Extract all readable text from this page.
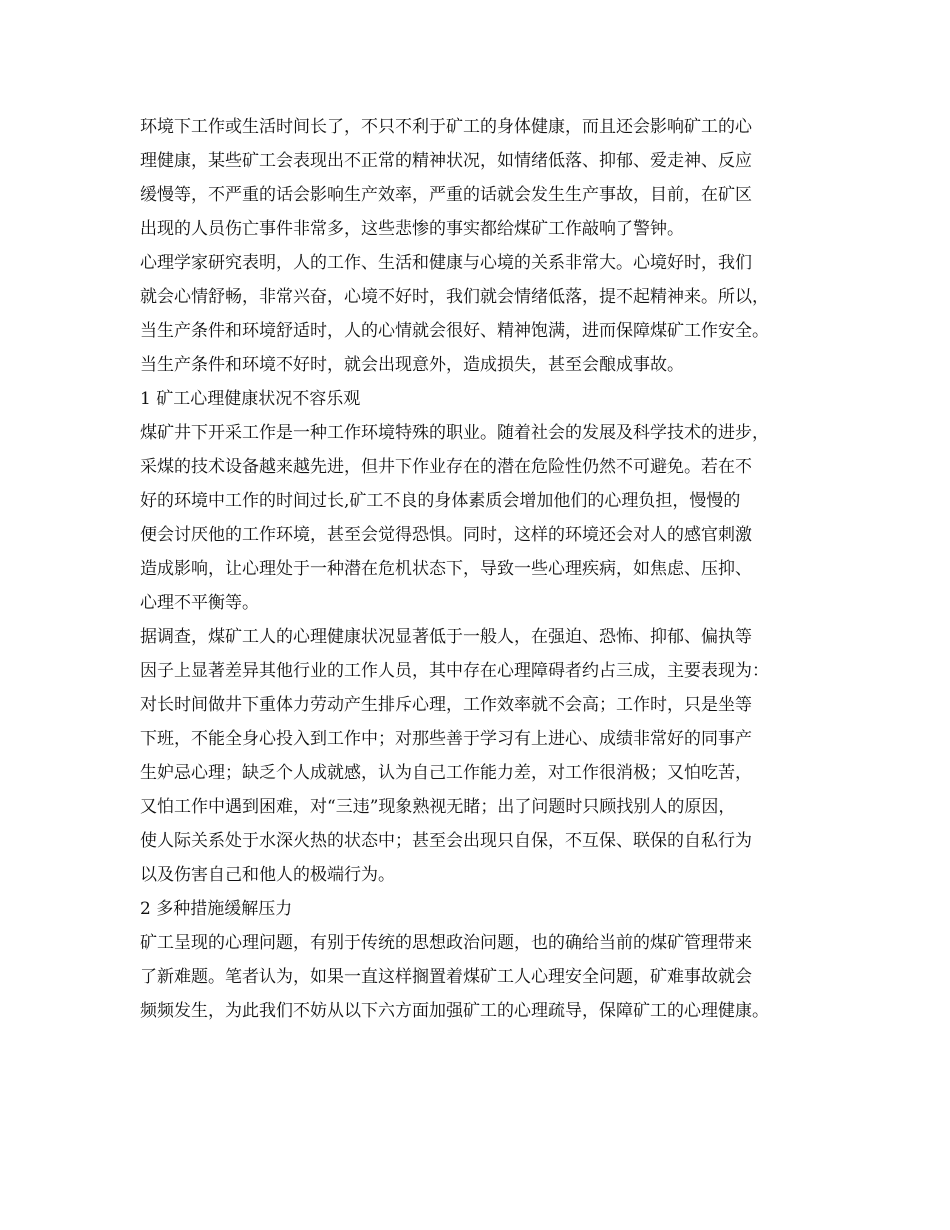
环境下工作或生活时间长了，不只不利于矿工的身体健康，而且还会影响矿工的心
理健康，某些矿工会表现出不正常的精神状况，如情绪低落、抑郁、爱走神、反应
缓慢等，不严重的话会影响生产效率，严重的话就会发生生产事故，目前，在矿区
出现的人员伤亡事件非常多，这些悲惨的事实都给煤矿工作敲响了警钟。
心理学家研究表明，人的工作、生活和健康与心境的关系非常大。心境好时，我们
就会心情舒畅，非常兴奋，心境不好时，我们就会情绪低落，提不起精神来。所以，
当生产条件和环境舒适时，人的心情就会很好、精神饱满，进而保障煤矿工作安全。
当生产条件和环境不好时，就会出现意外，造成损失，甚至会酿成事故。
1 矿工心理健康状况不容乐观
煤矿井下开采工作是一种工作环境特殊的职业。随着社会的发展及科学技术的进步，
采煤的技术设备越来越先进，但井下作业存在的潜在危险性仍然不可避免。若在不
好的环境中工作的时间过长,矿工不良的身体素质会增加他们的心理负担，慢慢的
便会讨厌他的工作环境，甚至会觉得恐惧。同时，这样的环境还会对人的感官刺激
造成影响，让心理处于一种潜在危机状态下，导致一些心理疾病，如焦虑、压抑、
心理不平衡等。
据调查，煤矿工人的心理健康状况显著低于一般人，在强迫、恐怖、抑郁、偏执等
因子上显著差异其他行业的工作人员，其中存在心理障碍者约占三成，主要表现为：
对长时间做井下重体力劳动产生排斥心理，工作效率就不会高；工作时，只是坐等
下班，不能全身心投入到工作中；对那些善于学习有上进心、成绩非常好的同事产
生妒忌心理；缺乏个人成就感，认为自己工作能力差，对工作很消极；又怕吃苦，
又怕工作中遇到困难，对“三违”现象熟视无睹；出了问题时只顾找别人的原因，
使人际关系处于水深火热的状态中；甚至会出现只自保，不互保、联保的自私行为
以及伤害自己和他人的极端行为。
2 多种措施缓解压力
矿工呈现的心理问题，有别于传统的思想政治问题，也的确给当前的煤矿管理带来
了新难题。笔者认为，如果一直这样搁置着煤矿工人心理安全问题，矿难事故就会
频频发生，为此我们不妨从以下六方面加强矿工的心理疏导，保障矿工的心理健康。
